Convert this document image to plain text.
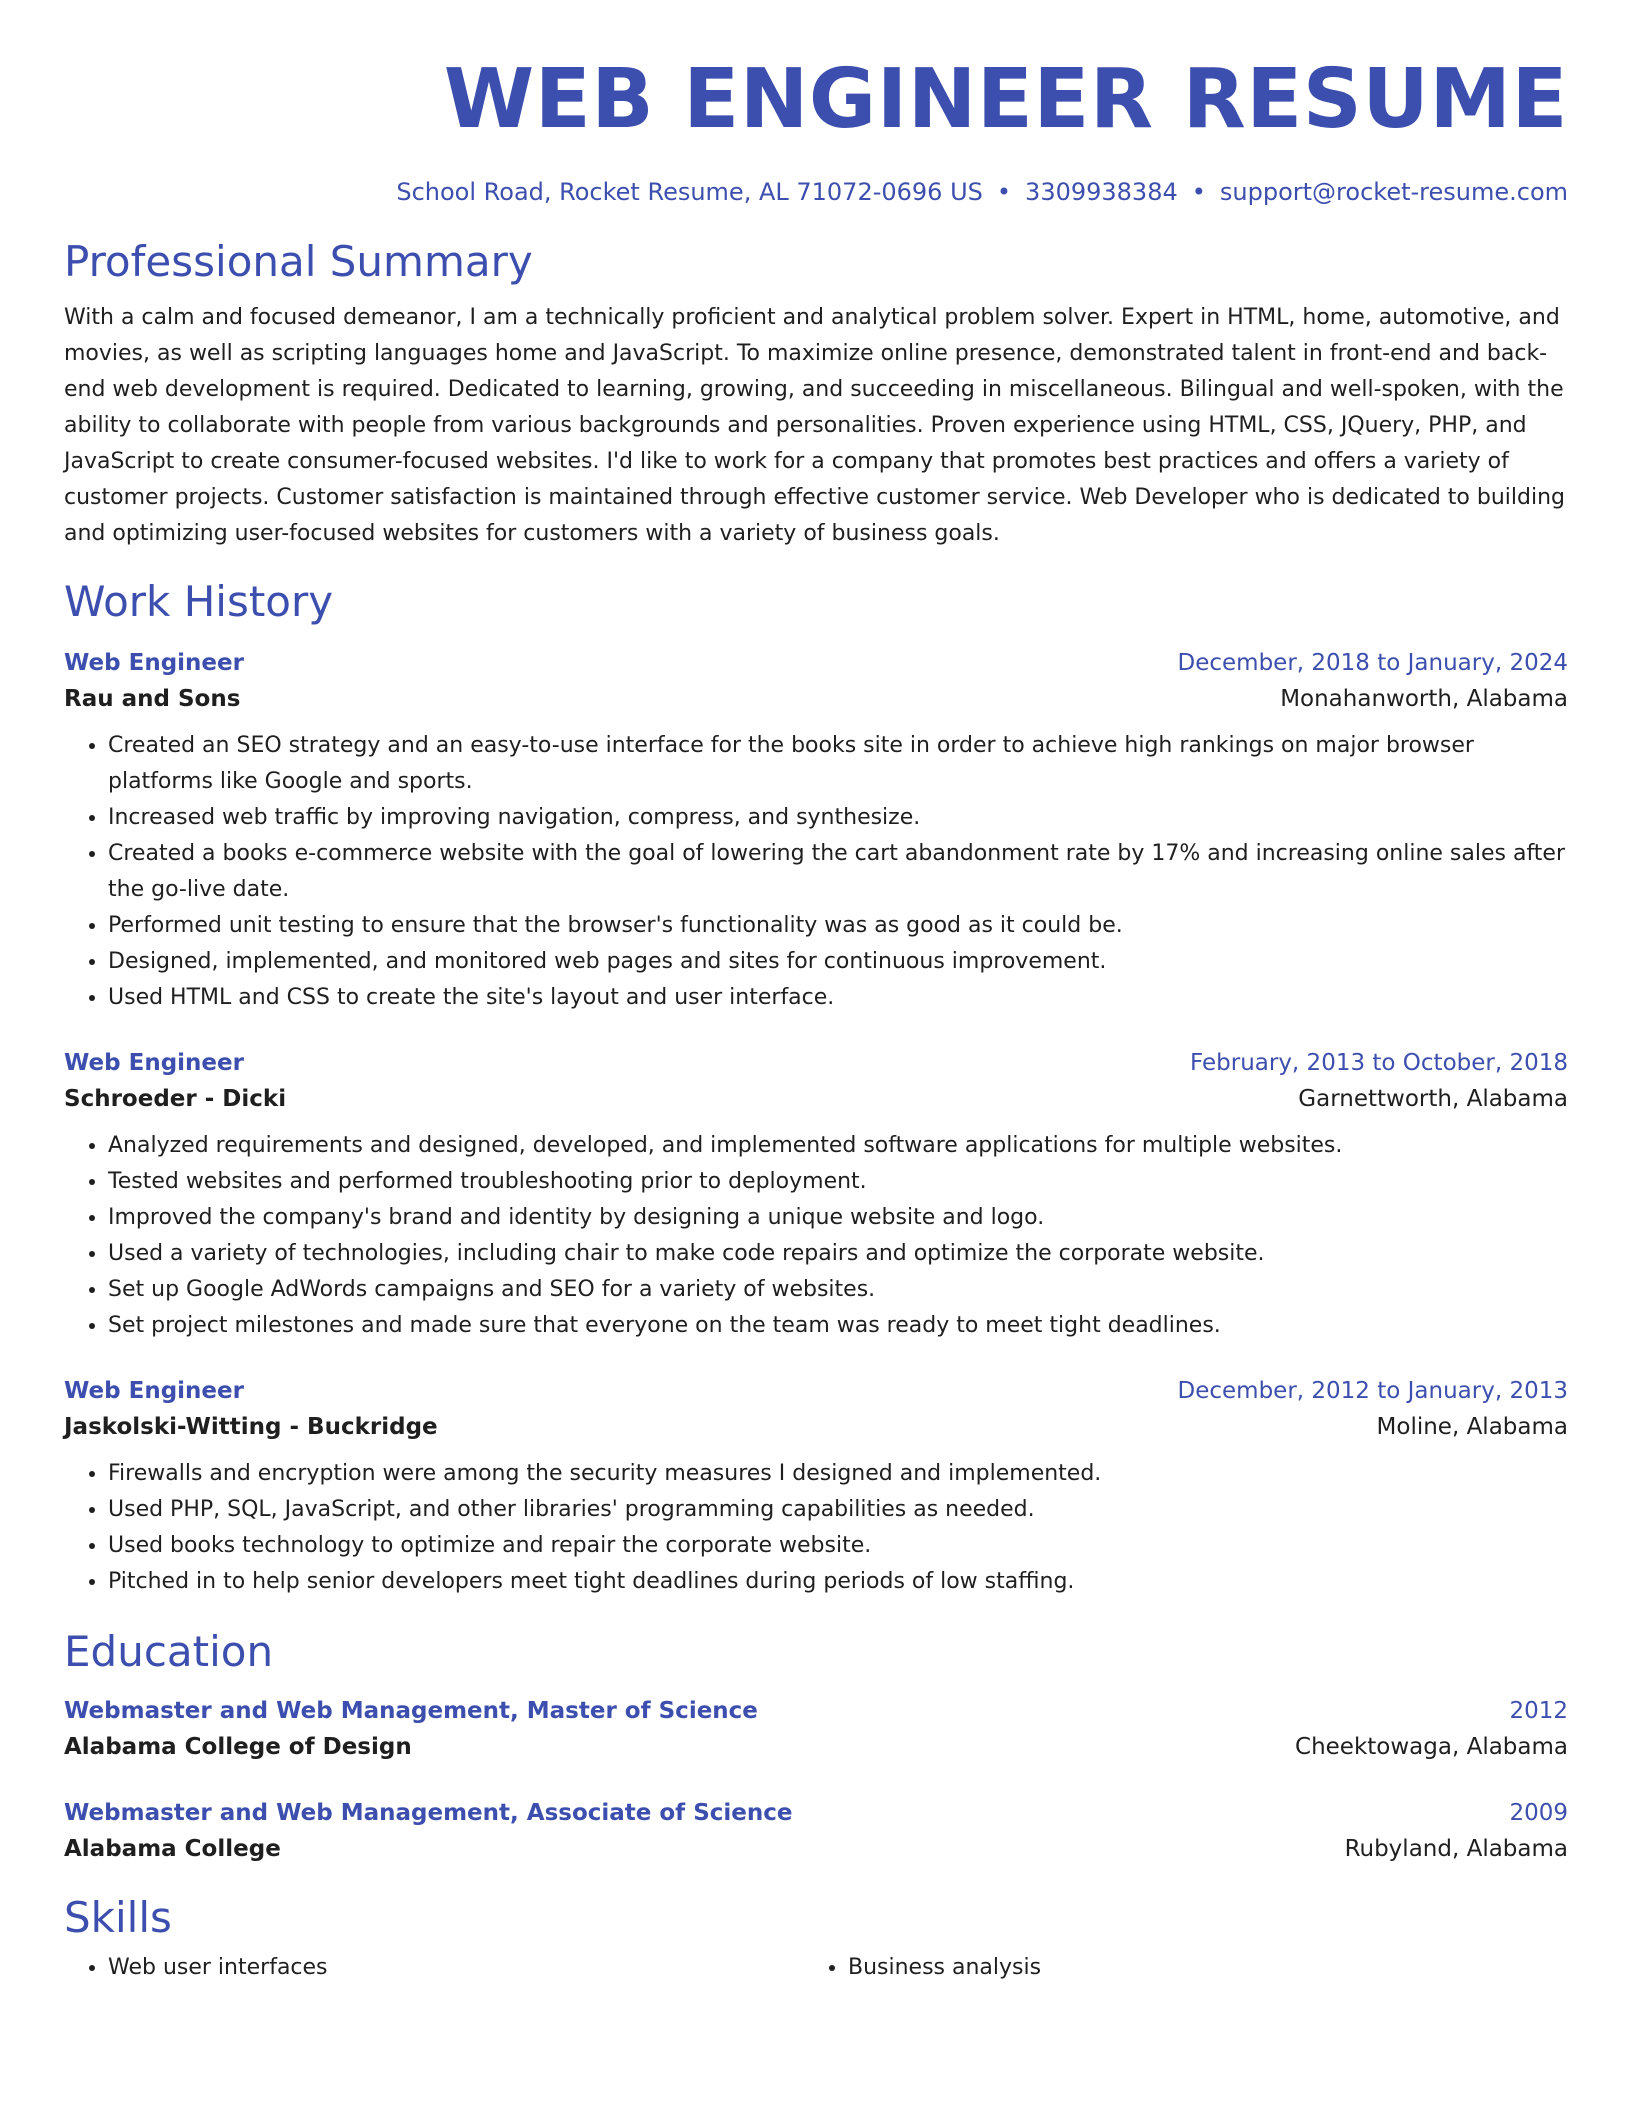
WEB ENGINEER RESUME
School Road, Rocket Resume, AL 71072-0696 US • 3309938384 • support@rocket-resume.com
Professional Summary

With a calm and focused demeanor, I am a technically proficient and analytical problem solver. Expert in HTML, home, automotive, and movies, as well as scripting languages home and JavaScript. To maximize online presence, demonstrated talent in front-end and back-end web development is required. Dedicated to learning, growing, and succeeding in miscellaneous. Bilingual and well-spoken, with the ability to collaborate with people from various backgrounds and personalities. Proven experience using HTML, CSS, JQuery, PHP, and JavaScript to create consumer-focused websites. I'd like to work for a company that promotes best practices and offers a variety of customer projects. Customer satisfaction is maintained through effective customer service. Web Developer who is dedicated to building and optimizing user-focused websites for customers with a variety of business goals.

Work History
Web Engineer	December, 2018 to January, 2024
Rau and Sons	Monahanworth, Alabama
• Created an SEO strategy and an easy-to-use interface for the books site in order to achieve high rankings on major browser platforms like Google and sports.
• Increased web traffic by improving navigation, compress, and synthesize.
• Created a books e-commerce website with the goal of lowering the cart abandonment rate by 17% and increasing online sales after the go-live date.
• Performed unit testing to ensure that the browser's functionality was as good as it could be.
• Designed, implemented, and monitored web pages and sites for continuous improvement.
• Used HTML and CSS to create the site's layout and user interface.
Web Engineer	February, 2013 to October, 2018
Schroeder - Dicki	Garnettworth, Alabama
• Analyzed requirements and designed, developed, and implemented software applications for multiple websites.
• Tested websites and performed troubleshooting prior to deployment.
• Improved the company's brand and identity by designing a unique website and logo.
• Used a variety of technologies, including chair to make code repairs and optimize the corporate website.
• Set up Google AdWords campaigns and SEO for a variety of websites.
• Set project milestones and made sure that everyone on the team was ready to meet tight deadlines.
Web Engineer	December, 2012 to January, 2013
Jaskolski-Witting - Buckridge	Moline, Alabama
• Firewalls and encryption were among the security measures I designed and implemented.
• Used PHP, SQL, JavaScript, and other libraries' programming capabilities as needed.
• Used books technology to optimize and repair the corporate website.
• Pitched in to help senior developers meet tight deadlines during periods of low staffing.
Education
Webmaster and Web Management, Master of Science	2012
Alabama College of Design	Cheektowaga, Alabama
Webmaster and Web Management, Associate of Science	2009
Alabama College	Rubyland, Alabama
Skills
• Web user interfaces
•	Business analysis
